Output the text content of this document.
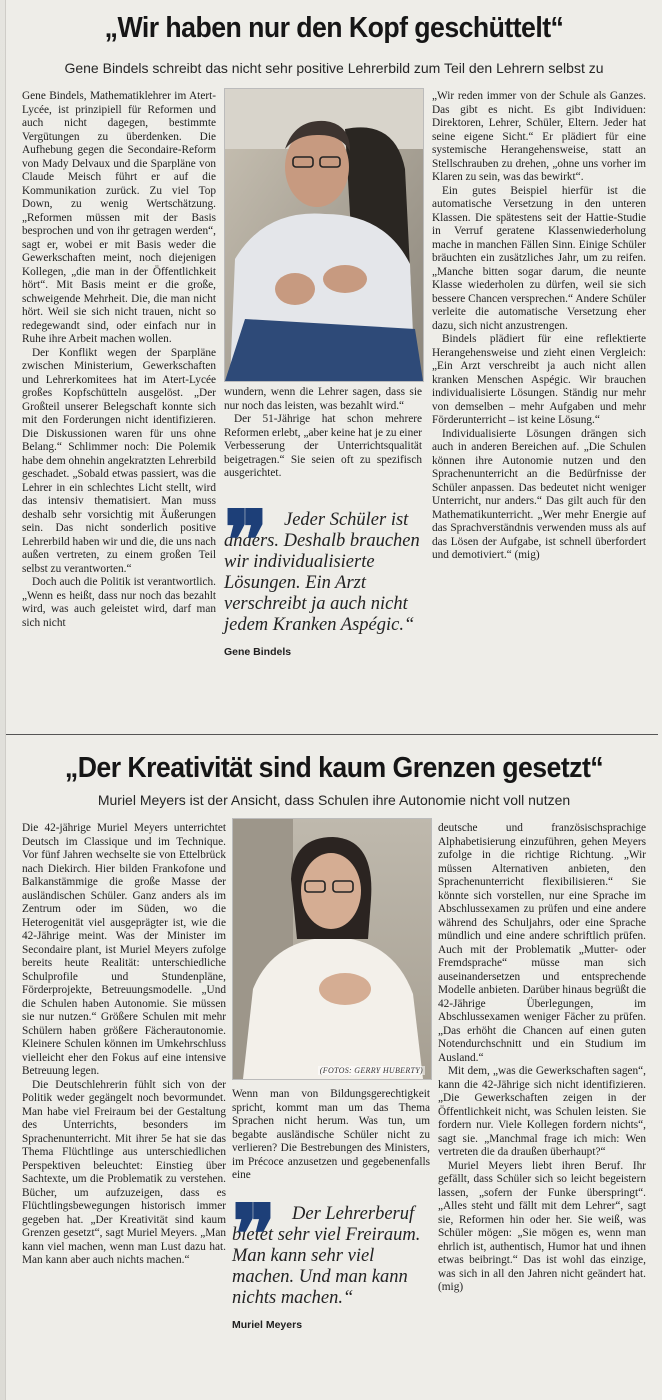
„Wir haben nur den Kopf geschüttelt“
Gene Bindels schreibt das nicht sehr positive Lehrerbild zum Teil den Lehrern selbst zu

Gene Bindels, Mathematiklehrer im Atert-Lycée, ist prinzipiell für Reformen und auch nicht dagegen, bestimmte Vergütungen zu überdenken. Die Aufhebung gegen die Secondaire-Reform von Mady Delvaux und die Sparpläne von Claude Meisch führt er auf die Kommunikation zurück. Zu viel Top Down, zu wenig Wertschätzung. „Reformen müssen mit der Basis besprochen und von ihr getragen werden“, sagt er, wobei er mit Basis weder die Gewerkschaften meint, noch diejenigen Kollegen, „die man in der Öffentlichkeit hört“. Mit Basis meint er die große, schweigende Mehrheit. Die, die man nicht hört. Weil sie sich nicht trauen, nicht so redegewandt sind, oder einfach nur in Ruhe ihre Arbeit machen wollen.

Der Konflikt wegen der Sparpläne zwischen Ministerium, Gewerkschaften und Lehrerkomitees hat im Atert-Lycée großes Kopfschütteln ausgelöst. „Der Großteil unserer Belegschaft konnte sich mit den Forderungen nicht identifizieren. Die Diskussionen waren für uns ohne Belang.“ Schlimmer noch: Die Polemik habe dem ohnehin angekratzten Lehrerbild geschadet. „Sobald etwas passiert, was die Lehrer in ein schlechtes Licht stellt, wird das intensiv thematisiert. Man muss deshalb sehr vorsichtig mit Äußerungen sein. Das nicht sonderlich positive Lehrerbild haben wir und die, die uns nach außen vertreten, zu einem großen Teil selbst zu verantworten.“

Doch auch die Politik ist verantwortlich. „Wenn es heißt, dass nur noch das bezahlt wird, was auch geleistet wird, darf man sich nicht

wundern, wenn die Lehrer sagen, dass sie nur noch das leisten, was bezahlt wird.“

Der 51-Jährige hat schon mehrere Reformen erlebt, „aber keine hat je zu einer Verbesserung der Unterrichtsqualität beigetragen.“ Sie seien oft zu spezifisch ausgerichtet.

❞	Jeder Schüler ist anders. Deshalb brauchen wir individualisierte Lösungen. Ein Arzt verschreibt ja auch nicht jedem Kranken Aspégic.“
Gene Bindels

„Wir reden immer von der Schule als Ganzes. Das gibt es nicht. Es gibt Individuen: Direktoren, Lehrer, Schüler, Eltern. Jeder hat seine eigene Sicht.“ Er plädiert für eine systemische Herangehensweise, statt an Stellschrauben zu drehen, „ohne uns vorher im Klaren zu sein, was das bewirkt“.

Ein gutes Beispiel hierfür ist die automatische Versetzung in den unteren Klassen. Die spätestens seit der Hattie-Studie in Verruf geratene Klassenwiederholung mache in manchen Fällen Sinn. Einige Schüler bräuchten ein zusätzliches Jahr, um zu reifen. „Manche bitten sogar darum, die neunte Klasse wiederholen zu dürfen, weil sie sich bessere Chancen versprechen.“ Andere Schüler verleite die automatische Versetzung eher dazu, sich nicht anzustrengen.

Bindels plädiert für eine reflektierte Herangehensweise und zieht einen Vergleich: „Ein Arzt verschreibt ja auch nicht allen kranken Menschen Aspégic. Wir brauchen individualisierte Lösungen. Ständig nur mehr von demselben – mehr Aufgaben und mehr Förderunterricht – ist keine Lösung.“

Individualisierte Lösungen drängen sich auch in anderen Bereichen auf. „Die Schulen können ihre Autonomie nutzen und den Sprachenunterricht an die Bedürfnisse der Schüler anpassen. Das bedeutet nicht weniger Unterricht, nur anders.“ Das gilt auch für den Mathematikunterricht. „Wer mehr Energie auf das Sprachverständnis verwenden muss als auf das Lösen der Aufgabe, ist schnell überfordert und demotiviert.“ (mig)

„Der Kreativität sind kaum Grenzen gesetzt“
Muriel Meyers ist der Ansicht, dass Schulen ihre Autonomie nicht voll nutzen

Die 42-jährige Muriel Meyers unterrichtet Deutsch im Classique und im Technique. Vor fünf Jahren wechselte sie von Ettelbrück nach Diekirch. Hier bilden Frankofone und Balkanstämmige die große Masse der ausländischen Schüler. Ganz anders als im Zentrum oder im Süden, wo die Heterogenität viel ausgeprägter ist, wie die 42-Jährige meint. Was der Minister im Secondaire plant, ist Muriel Meyers zufolge bereits heute Realität: unterschiedliche Schulprofile und Stundenpläne, Förderprojekte, Betreuungsmodelle. „Und die Schulen haben Autonomie. Sie müssen sie nur nutzen.“ Größere Schulen mit mehr Schülern haben größere Fächerautonomie. Kleinere Schulen können im Umkehrschluss vielleicht eher den Fokus auf eine intensive Betreuung legen.

Die Deutschlehrerin fühlt sich von der Politik weder gegängelt noch bevormundet. Man habe viel Freiraum bei der Gestaltung des Unterrichts, besonders im Sprachenunterricht. Mit ihrer 5e hat sie das Thema Flüchtlinge aus unterschiedlichen Perspektiven beleuchtet: Einstieg über Sachtexte, um die Problematik zu verstehen. Bücher, um aufzuzeigen, dass es Flüchtlingsbewegungen historisch immer gegeben hat. „Der Kreativität sind kaum Grenzen gesetzt“, sagt Muriel Meyers. „Man kann viel machen, wenn man Lust dazu hat. Man kann aber auch nichts machen.“

(FOTOS: GERRY HUBERTY)

Wenn man von Bildungsgerechtigkeit spricht, kommt man um das Thema Sprachen nicht herum. Was tun, um begabte ausländische Schüler nicht zu verlieren? Die Bestrebungen des Ministers, im Précoce anzusetzen und gegebenenfalls eine

❞	Der Lehrerberuf bietet sehr viel Freiraum. Man kann sehr viel machen. Und man kann nichts machen.“
Muriel Meyers

deutsche und französischsprachige Alphabetisierung einzuführen, gehen Meyers zufolge in die richtige Richtung. „Wir müssen Alternativen anbieten, den Sprachenunterricht flexibilisieren.“ Sie könnte sich vorstellen, nur eine Sprache im Abschlussexamen zu prüfen und eine andere während des Schuljahrs, oder eine Sprache mündlich und eine andere schriftlich prüfen. Auch mit der Problematik „Mutter- oder Fremdsprache“ müsse man sich auseinandersetzen und entsprechende Modelle anbieten. Darüber hinaus begrüßt die 42-Jährige Überlegungen, im Abschlussexamen weniger Fächer zu prüfen. „Das erhöht die Chancen auf einen guten Notendurchschnitt und ein Studium im Ausland.“

Mit dem, „was die Gewerkschaften sagen“, kann die 42-Jährige sich nicht identifizieren. „Die Gewerkschaften zeigen in der Öffentlichkeit nicht, was Schulen leisten. Sie fordern nur. Viele Kollegen fordern nichts“, sagt sie. „Manchmal frage ich mich: Wen vertreten die da draußen überhaupt?“

Muriel Meyers liebt ihren Beruf. Ihr gefällt, dass Schüler sich so leicht begeistern lassen, „sofern der Funke überspringt“. „Alles steht und fällt mit dem Lehrer“, sagt sie, Reformen hin oder her. Sie weiß, was Schüler mögen: „Sie mögen es, wenn man ehrlich ist, authentisch, Humor hat und ihnen etwas beibringt.“ Das ist wohl das einzige, was sich in all den Jahren nicht geändert hat. (mig)
